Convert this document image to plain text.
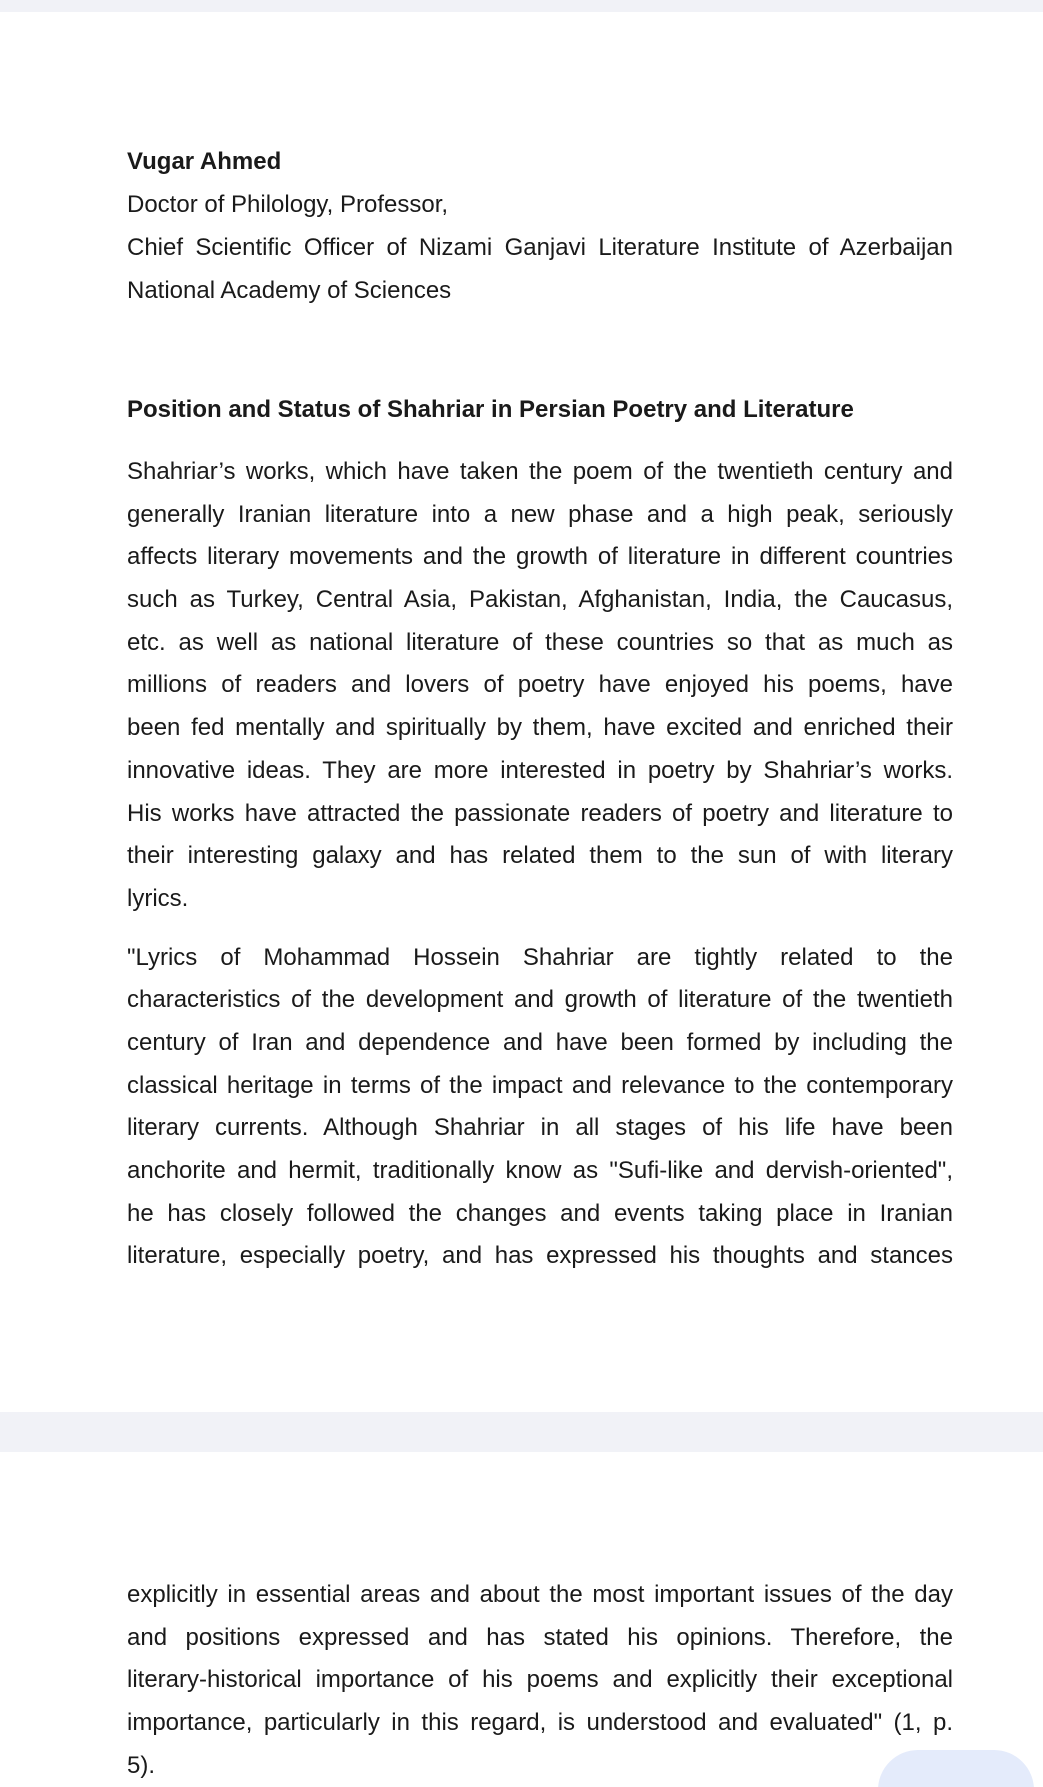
Vugar Ahmed
Doctor of Philology, Professor,
Chief Scientific Officer of Nizami Ganjavi Literature Institute of Azerbaijan
National Academy of Sciences
Position and Status of Shahriar in Persian Poetry and Literature
Shahriar’s works, which have taken the poem of the twentieth century and
generally Iranian literature into a new phase and a high peak, seriously
affects literary movements and the growth of literature in different countries
such as Turkey, Central Asia, Pakistan, Afghanistan, India, the Caucasus,
etc. as well as national literature of these countries so that as much as
millions of readers and lovers of poetry have enjoyed his poems, have
been fed mentally and spiritually by them, have excited and enriched their
innovative ideas. They are more interested in poetry by Shahriar’s works.
His works have attracted the passionate readers of poetry and literature to
their interesting galaxy and has related them to the sun of with literary
lyrics.
"Lyrics of Mohammad Hossein Shahriar are tightly related to the
characteristics of the development and growth of literature of the twentieth
century of Iran and dependence and have been formed by including the
classical heritage in terms of the impact and relevance to the contemporary
literary currents. Although Shahriar in all stages of his life have been
anchorite and hermit, traditionally know as "Sufi-like and dervish-oriented",
he has closely followed the changes and events taking place in Iranian
literature, especially poetry, and has expressed his thoughts and stances
explicitly in essential areas and about the most important issues of the day
and positions expressed and has stated his opinions. Therefore, the
literary-historical importance of his poems and explicitly their exceptional
importance, particularly in this regard, is understood and evaluated" (1, p.
5).
